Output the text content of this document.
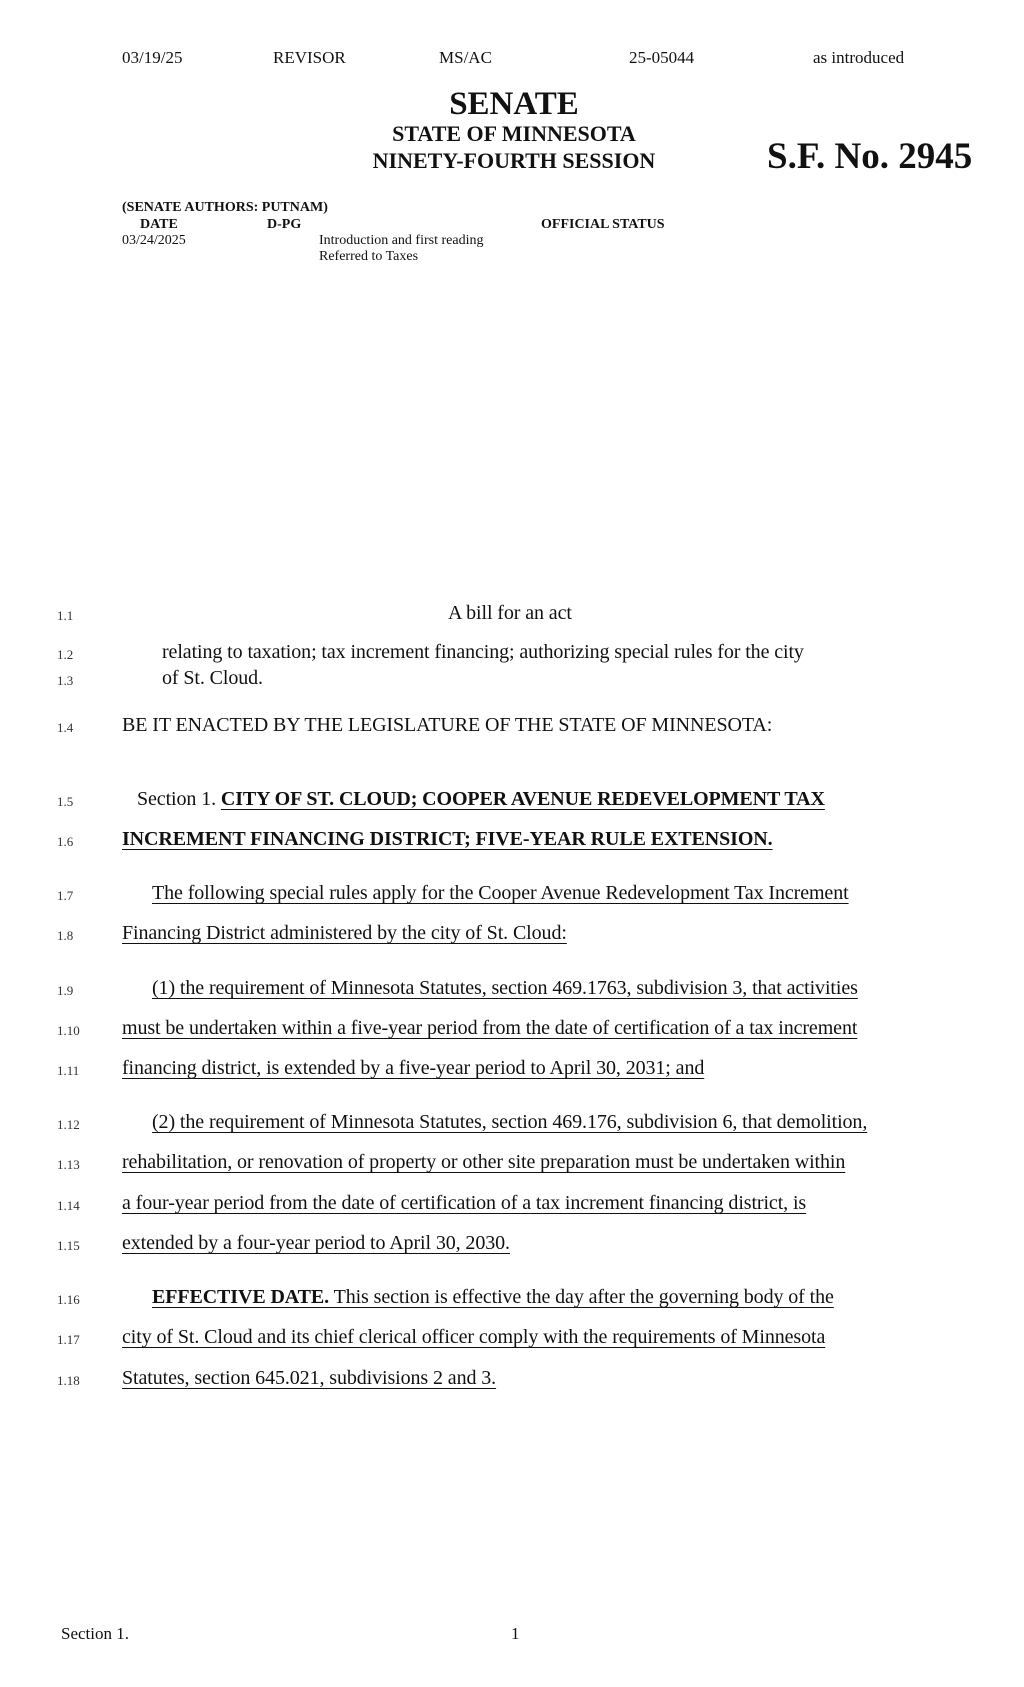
03/19/25	REVISOR	MS/AC	25-05044	as introduced
SENATE
STATE OF MINNESOTA
NINETY-FOURTH SESSION	S.F. No. 2945
(SENATE AUTHORS: PUTNAM)
DATE	D-PG	OFFICIAL STATUS
03/24/2025	Introduction and first reading
Referred to Taxes
1.1	A bill for an act
1.2	relating to taxation; tax increment financing; authorizing special rules for the city
1.3	of St. Cloud.
1.4 BE IT ENACTED BY THE LEGISLATURE OF THE STATE OF MINNESOTA:
1.5	Section 1. CITY OF ST. CLOUD; COOPER AVENUE REDEVELOPMENT TAX
1.6 INCREMENT FINANCING DISTRICT; FIVE-YEAR RULE EXTENSION.
1.7	The following special rules apply for the Cooper Avenue Redevelopment Tax Increment
1.8 Financing District administered by the city of St. Cloud:
1.9	(1) the requirement of Minnesota Statutes, section 469.1763, subdivision 3, that activities
1.10 must be undertaken within a five-year period from the date of certification of a tax increment
1.11 financing district, is extended by a five-year period to April 30, 2031; and
1.12	(2) the requirement of Minnesota Statutes, section 469.176, subdivision 6, that demolition,
1.13 rehabilitation, or renovation of property or other site preparation must be undertaken within
1.14 a four-year period from the date of certification of a tax increment financing district, is
1.15 extended by a four-year period to April 30, 2030.
1.16	EFFECTIVE DATE. This section is effective the day after the governing body of the
1.17 city of St. Cloud and its chief clerical officer comply with the requirements of Minnesota
1.18 Statutes, section 645.021, subdivisions 2 and 3.
Section 1.	1
